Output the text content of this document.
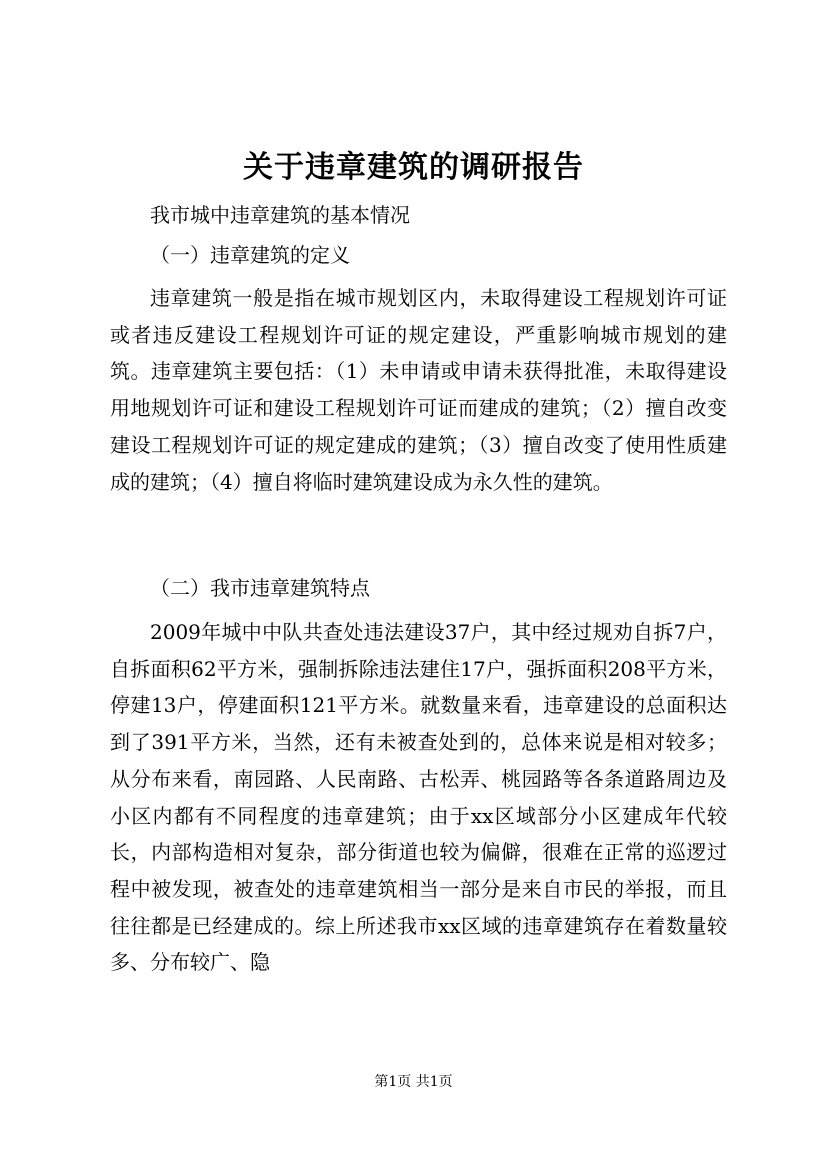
关于违章建筑的调研报告
我市城中违章建筑的基本情况
（一）违章建筑的定义
违章建筑一般是指在城市规划区内，未取得建设工程规划许可证或者违反建设工程规划许可证的规定建设，严重影响城市规划的建筑。违章建筑主要包括：（1）未申请或申请未获得批准，未取得建设用地规划许可证和建设工程规划许可证而建成的建筑；（2）擅自改变建设工程规划许可证的规定建成的建筑；（3）擅自改变了使用性质建成的建筑；（4）擅自将临时建筑建设成为永久性的建筑。
（二）我市违章建筑特点
2009年城中中队共查处违法建设37户，其中经过规劝自拆7户，自拆面积62平方米，强制拆除违法建住17户，强拆面积208平方米，停建13户，停建面积121平方米。就数量来看，违章建设的总面积达到了391平方米，当然，还有未被查处到的，总体来说是相对较多；从分布来看，南园路、人民南路、古松弄、桃园路等各条道路周边及小区内都有不同程度的违章建筑；由于xx区域部分小区建成年代较长，内部构造相对复杂，部分街道也较为偏僻，很难在正常的巡逻过程中被发现，被查处的违章建筑相当一部分是来自市民的举报，而且往往都是已经建成的。综上所述我市xx区域的违章建筑存在着数量较多、分布较广、隐
第1页 共1页
